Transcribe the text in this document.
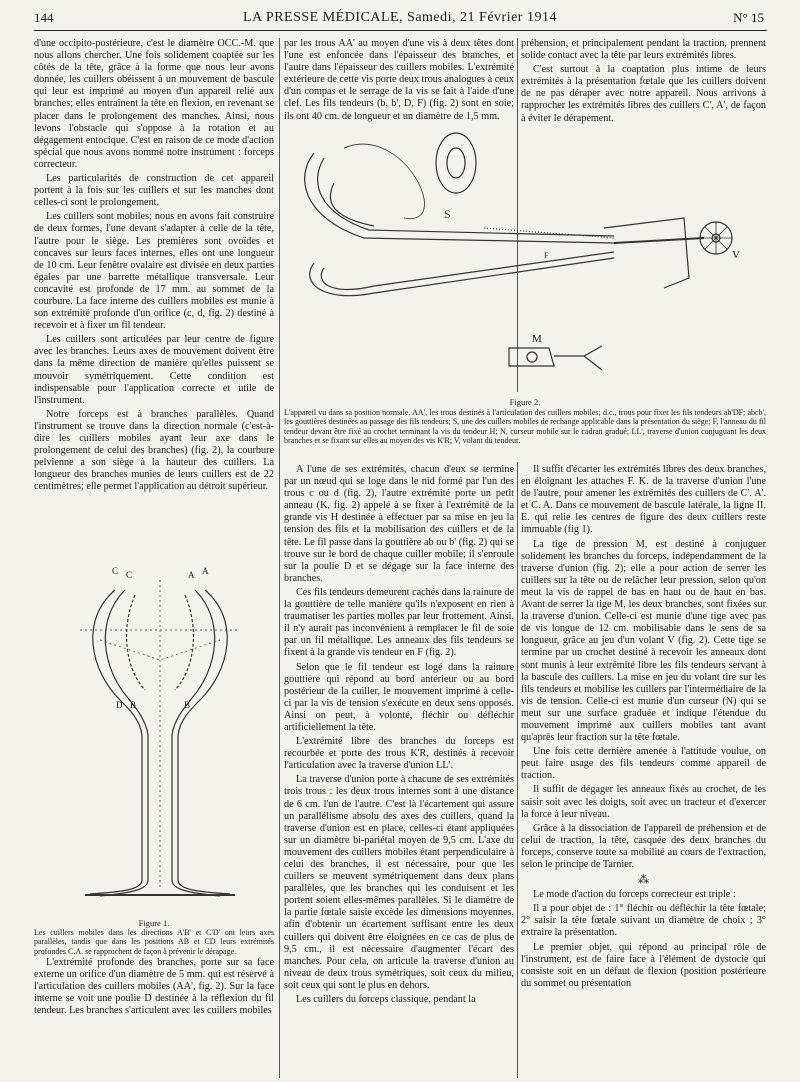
144	LA PRESSE MÉDICALE, Samedi, 21 Février 1914	N° 15

d'une occipito-postérieure, c'est le diamètre OCC.-M. que nous allons chercher. Une fois solidement coaptée sur les côtés de la tête, grâce à la forme que nous leur avons donnée, les cuillers obéissent à un mouvement de bascule qui leur est imprimé au moyen d'un appareil relié aux branches; elles entraînent la tête en flexion, en revenant se placer dans le prolongement des manches. Ainsi, nous levons l'obstacle qui s'oppose à la rotation et au dégagement entocique. C'est en raison de ce mode d'action spécial que nous avons nommé notre instrument : forceps correcteur.

Les particularités de construction de cet appareil portent à la fois sur les cuillers et sur les manches dont celles-ci sont le prolongement.

Les cuillers sont mobiles; nous en avons fait construire de deux formes, l'une devant s'adapter à celle de la tête, l'autre pour le siège. Les premières sont ovoïdes et concaves sur leurs faces internes, elles ont une longueur de 10 cm. Leur fenêtre ovalaire est divisée en deux parties égales par une barrette métallique transversale. Leur concavité est profonde de 17 mm. au sommet de la courbure. La face interne des cuillers mobiles est munie à son extrémité profonde d'un orifice (c, d, fig. 2) destiné à recevoir et à fixer un fil tendeur.

Les cuillers sont articulées par leur centre de figure avec les branches. Leurs axes de mouvement doivent être dans la même direction de manière qu'elles puissent se mouvoir symétriquement. Cette condition est indispensable pour l'application correcte et utile de l'instrument.

Notre forceps est à branches parallèles. Quand l'instrument se trouve dans la direction normale (c'est-à-dire les cuillers mobiles ayant leur axe dans le prolongement de celui des branches) (fig. 2), la courbure pelvienne a son siège à la hauteur des cuillers. La longueur des branches munies de leurs cuillers est de 22 centimètres; elle permet l'application au détroit supérieur.

C C	A A
B	B
D
Figure 1.
Les cuillers mobiles dans les directions A'B' et C'D' ont leurs axes parallèles, tandis que dans les positions AB et CD leurs extrémités profondes C.A. se rapprochent de façon à prévenir le dérapage.

L'extrémité profonde des branches, porte sur sa face externe un orifice d'un diamètre de 5 mm. qui est réservé à l'articulation des cuillers mobiles (AA', fig. 2). Sur la face interne se voit une poulie D destinée à la réflexion du fil tendeur. Les branches s'articulent avec les cuillers mobiles

par les trous AA' au moyen d'une vis à deux têtes dont l'une est enfoncée dans l'épaisseur des branches, et l'autre dans l'épaisseur des cuillers mobiles. L'extrémité extérieure de cette vis porte deux trous analogues à ceux d'un compas et le serrage de la vis se fait à l'aide d'une clef. Les fils tendeurs (b, b', D, F) (fig. 2) sont en soie; ils ont 40 cm. de longueur et un diamètre de 1,5 mm.

préhension, et principalement pendant la traction, prennent solide contact avec la tête par leurs extrémités libres.

C'est surtout à la coaptation plus intime de leurs extrémités à la présentation fœtale que les cuillers doivent de ne pas déraper avec notre appareil. Nous arrivons à rapprocher les extrémités libres des cuillers C', A', de façon à éviter le dérapement.

S
M
V
F
Figure 2.
L'appareil vu dans sa position normale. AA', les trous destinés à l'articulation des cuillers mobiles; d.c., trous pour fixer les fils tendeurs ab'DF; abcb', les gouttières destinées au passage des fils tendeurs; S, une des cuillers mobiles de rechange applicable dans la présentation du siège; F, l'anneau du fil tendeur devant être fixé au crochet terminant la vis du tendeur H; N, curseur mobile sur le cadran gradué; LL', traverse d'union conjuguant les deux branches et se fixant sur elles au moyen des vis K'R; V, volant du tendeur.

A l'une de ses extrémités, chacun d'eux se termine par un nœud qui se loge dans le nid formé par l'un des trous c ou d (fig. 2), l'autre extrémité porte un petit anneau (K, fig. 2) appelé à se fixer à l'extrémité de la grande vis H destinée à effectuer par sa mise en jeu la tension des fils et la mobilisation des cuillers et de la tête. Le fil passe dans la gouttière ab ou b' (fig. 2) qui se trouve sur le bord de chaque cuiller mobile; il s'enroule sur la poulie D et se dégage sur la face interne des branches.

Ces fils tendeurs demeurent cachés dans la rainure de la gouttière de telle manière qu'ils n'exposent en rien à traumatiser les parties molles par leur frottement. Ainsi, il n'y aurait pas inconvénient à remplacer le fil de soie par un fil métallique. Les anneaux des fils tendeurs se fixent à la grande vis tendeur en F (fig. 2).

Selon que le fil tendeur est logé dans la rainure gouttière qui répond au bord antérieur ou au bord postérieur de la cuiller, le mouvement imprimé à celle-ci par la vis de tension s'exécute en deux sens opposés. Ainsi on peut, à volonté, fléchir ou défléchir artificiellement la tête.

L'extrémité libre des branches du forceps est recourbée et porte des trous K'R, destinés à recevoir l'articulation avec la traverse d'union LL'.

La traverse d'union porte à chacune de ses extrémités trois trous : les deux trous internes sont à une distance de 6 cm. l'un de l'autre. C'est là l'écartement qui assure un parallélisme absolu des axes des cuillers, quand la traverse d'union est en place, celles-ci étant appliquées sur un diamètre bi-pariétal moyen de 9,5 cm. L'axe du mouvement des cuillers mobiles étant perpendiculaire à celui des branches, il est nécessaire, pour que les cuillers se meuvent symétriquement dans deux plans parallèles, que les branches qui les conduisent et les portent soient elles-mêmes parallèles. Si le diamètre de la partie fœtale saisie excède les dimensions moyennes, afin d'obtenir un écartement suffisant entre les deux cuillers qui doivent être éloignées en ce cas de plus de 9,5 cm., il est nécessaire d'augmenter l'écart des manches. Pour cela, on articule la traverse d'union au niveau de deux trous symétriques, soit ceux du milieu, soit ceux qui sont le plus en dehors.

Les cuillers du forceps classique, pendant la

Il suffit d'écarter les extrémités libres des deux branches, en éloignant les attaches F. K. de la traverse d'union l'une de l'autre, pour amener les extrémités des cuillers de C'. A'. et C. A. Dans ce mouvement de bascule latérale, la ligne II. E. qui relie les centres de figure des deux cuillers reste immuable (fig 1).

La tige de pression M, est destiné à conjuguer solidement les branches du forceps, indépendamment de la traverse d'union (fig. 2); elle a pour action de serrer les cuillers sur la tête ou de relâcher leur pression, selon qu'on meut la vis de rappel de bas en haut ou de haut en bas. Avant de serrer la tige M, les deux branches, sont fixées sur la traverse d'union. Celle-ci est munie d'une tige avec pas de vis longue de 12 cm. mobilisable dans le sens de sa longueur, grâce au jeu d'un volant V (fig. 2). Cette tige se termine par un crochet destiné à recevoir les anneaux dont sont munis à leur extrémité libre les fils tendeurs servant à la bascule des cuillers. La mise en jeu du volant tire sur les fils tendeurs et mobilise les cuillers par l'intermédiaire de la vis de tension. Celle-ci est munie d'un curseur (N) qui se meut sur une surface graduée et indique l'étendue du mouvement imprimé aux cuillers mobiles tant avant qu'après leur fraction sur la tête fœtale.

Une fois cette dernière amenée à l'attitude voulue, on peut faire usage des fils tendeurs comme appareil de traction.

Il suffit de dégager les anneaux fixés au crochet, de les saisir soit avec les doigts, soit avec un tracteur et d'exercer la force à leur niveau.

Grâce à la dissociation de l'appareil de préhension et de celui de traction, la tête, casquée des deux branches du forceps, conserve toute sa mobilité au cours de l'extraction, selon le principe de Tarnier.

⁂

Le mode d'action du forceps correcteur est triple :

Il a pour objet de : 1° fléchir ou défléchir la tête fœtale; 2° saisir la tête fœtale suivant un diamètre de choix ; 3° extraire la présentation.

Le premier objet, qui répond au principal rôle de l'instrument, est de faire face à l'élément de dystocie qui consiste soit en un défaut de flexion (position postérieure du sommet ou présentation
